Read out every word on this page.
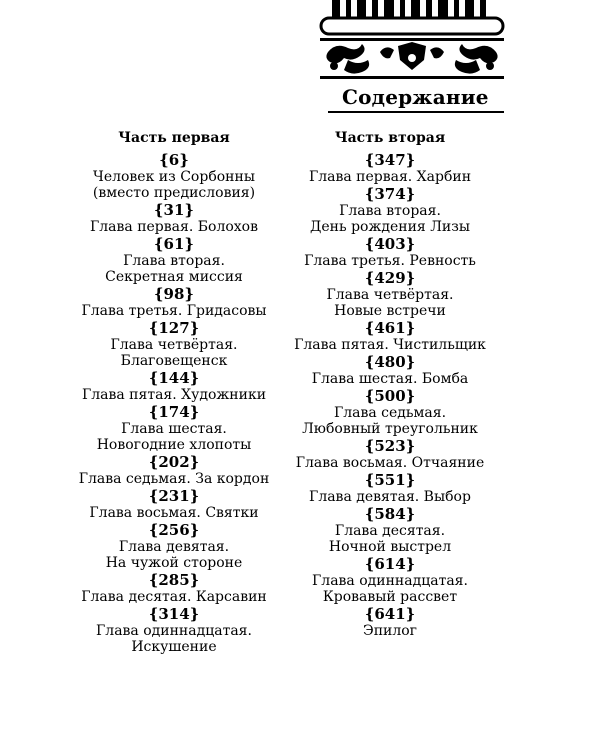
Содержание
Часть первая
{6}
Человек из Сорбонны
(вместо предисловия)
{31}
Глава первая. Болохов
{61}
Глава вторая.
Секретная миссия
{98}
Глава третья. Гридасовы
{127}
Глава четвёртая.
Благовещенск
{144}
Глава пятая. Художники
{174}
Глава шестая.
Новогодние хлопоты
{202}
Глава седьмая. За кордон
{231}
Глава восьмая. Святки
{256}
Глава девятая.
На чужой стороне
{285}
Глава десятая. Карсавин
{314}
Глава одиннадцатая.
Искушение
Часть вторая
{347}
Глава первая. Харбин
{374}
Глава вторая.
День рождения Лизы
{403}
Глава третья. Ревность
{429}
Глава четвёртая.
Новые встречи
{461}
Глава пятая. Чистильщик
{480}
Глава шестая. Бомба
{500}
Глава седьмая.
Любовный треугольник
{523}
Глава восьмая. Отчаяние
{551}
Глава девятая. Выбор
{584}
Глава десятая.
Ночной выстрел
{614}
Глава одиннадцатая.
Кровавый рассвет
{641}
Эпилог
